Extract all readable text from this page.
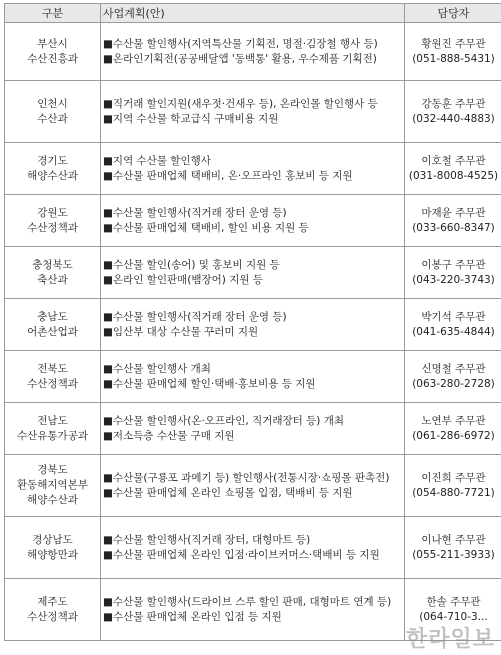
구분	사업계획(안)	담당자

부산시
수산진흥과	■수산물 할인행사(지역특산물 기획전, 명절·김장철 행사 등)
■온라인기획전(공공배달앱 '동백통' 활용, 우수제품 기획전)	황원진 주무관
(051-888-5431)

인천시
수산과	■직거래 할인지원(새우젓·건새우 등), 온라인몰 할인행사 등
■지역 수산물 학교급식 구매비용 지원	강동훈 주무관
(032-440-4883)

경기도
해양수산과	■지역 수산물 할인행사
■수산물 판매업체 택배비, 온·오프라인 홍보비 등 지원	이호철 주무관
(031-8008-4525)

강원도
수산정책과	■수산물 할인행사(직거래 장터 운영 등)
■수산물 판매업체 택배비, 할인 비용 지원 등	마재윤 주무관
(033-660-8347)

충청북도
축산과	■수산물 할인(송어) 및 홍보비 지원 등
■온라인 할인판매(뱀장어) 지원 등	이봉구 주무관
(043-220-3743)

충남도
어촌산업과	■수산물 할인행사(직거래 장터 운영 등)
■임산부 대상 수산물 꾸러미 지원	박기석 주무관
(041-635-4844)

전북도
수산정책과	■수산물 할인행사 개최
■수산물 판매업체 할인·택배·홍보비용 등 지원	신명철 주무관
(063-280-2728)

전남도
수산유통가공과	■수산물 할인행사(온·오프라인, 직거래장터 등) 개최
■저소득층 수산물 구매 지원	노연부 주무관
(061-286-6972)

경북도
환동해지역본부
해양수산과	■수산물(구룡포 과메기 등) 할인행사(전통시장·쇼핑몰 판촉전)
■수산물 판매업체 온라인 쇼핑몰 입점, 택배비 등 지원	이진희 주무관
(054-880-7721)

경상남도
해양항만과	■수산물 할인행사(직거래 장터, 대형마트 등)
■수산물 판매업체 온라인 입점·라이브커머스·택배비 등 지원	이나현 주무관
(055-211-3933)

제주도
수산정책과	■수산물 할인행사(드라이브 스루 할인 판매, 대형마트 연계 등)
■수산물 판매업체 온라인 입점 등 지원	한솔 주무관
(064-710-3...
한라일보
